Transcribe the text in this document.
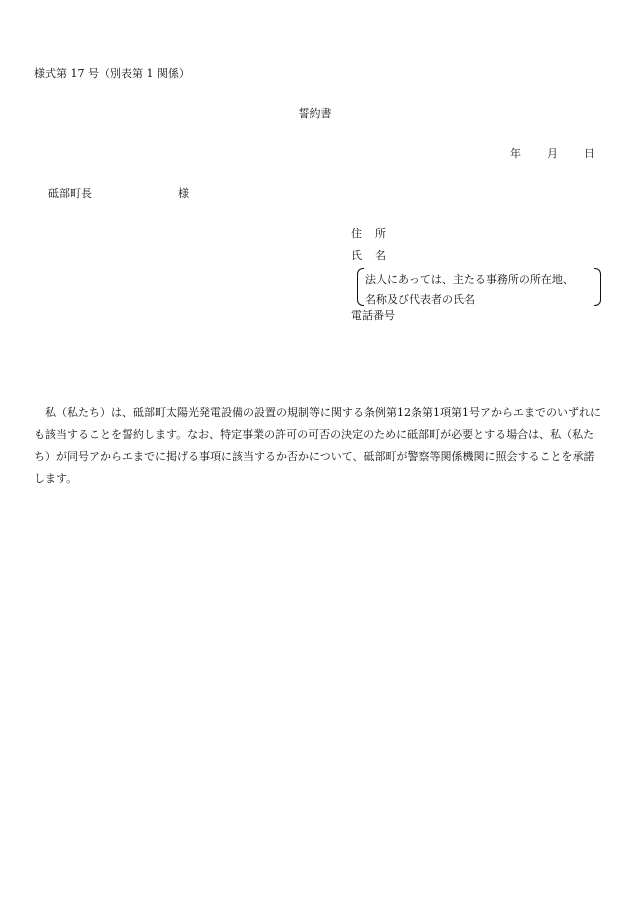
様式第 17 号（別表第 1 関係）
誓約書
年 月 日
砥部町長	様
住 所
氏 名
法人にあっては、主たる事務所の所在地、
名称及び代表者の氏名
電話番号

私（私たち）は、砥部町太陽光発電設備の設置の規制等に関する条例第12条第1項第1号アからエまでのいずれにも該当することを誓約します。なお、特定事業の許可の可否の決定のために砥部町が必要とする場合は、私（私たち）が同号アからエまでに掲げる事項に該当するか否かについて、砥部町が警察等関係機関に照会することを承諾します。
